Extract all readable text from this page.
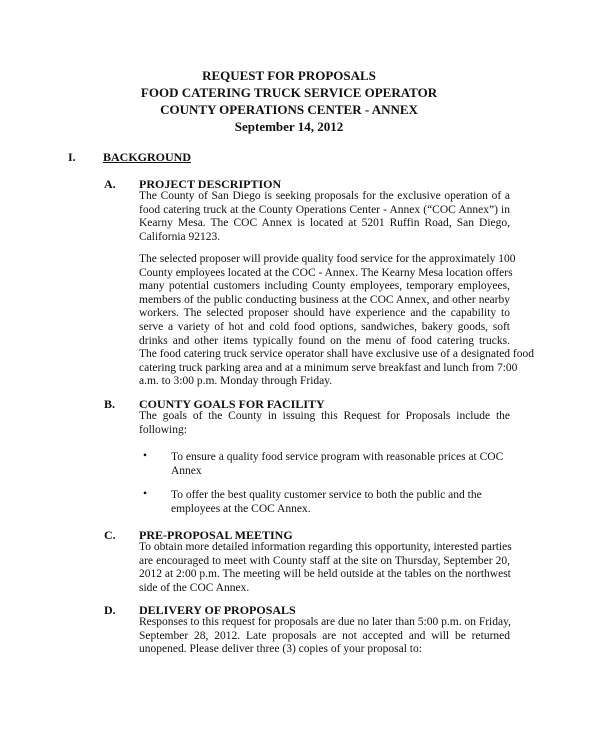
REQUEST FOR PROPOSALS
FOOD CATERING TRUCK SERVICE OPERATOR
COUNTY OPERATIONS CENTER - ANNEX
September 14, 2012
I. BACKGROUND
A. PROJECT DESCRIPTION
The County of San Diego is seeking proposals for the exclusive operation of a
food catering truck at the County Operations Center - Annex (“COC Annex”) in
Kearny Mesa. The COC Annex is located at 5201 Ruffin Road, San Diego,
California 92123.
The selected proposer will provide quality food service for the approximately 100
County employees located at the COC - Annex. The Kearny Mesa location offers
many potential customers including County employees, temporary employees,
members of the public conducting business at the COC Annex, and other nearby
workers. The selected proposer should have experience and the capability to
serve a variety of hot and cold food options, sandwiches, bakery goods, soft
drinks and other items typically found on the menu of food catering trucks.
The food catering truck service operator shall have exclusive use of a designated food
catering truck parking area and at a minimum serve breakfast and lunch from 7:00
a.m. to 3:00 p.m. Monday through Friday.
B. COUNTY GOALS FOR FACILITY
The goals of the County in issuing this Request for Proposals include the
following:
• To ensure a quality food service program with reasonable prices at COC
Annex
• To offer the best quality customer service to both the public and the
employees at the COC Annex.
C. PRE-PROPOSAL MEETING
To obtain more detailed information regarding this opportunity, interested parties
are encouraged to meet with County staff at the site on Thursday, September 20,
2012 at 2:00 p.m. The meeting will be held outside at the tables on the northwest
side of the COC Annex.
D. DELIVERY OF PROPOSALS
Responses to this request for proposals are due no later than 5:00 p.m. on Friday,
September 28, 2012. Late proposals are not accepted and will be returned
unopened. Please deliver three (3) copies of your proposal to:
